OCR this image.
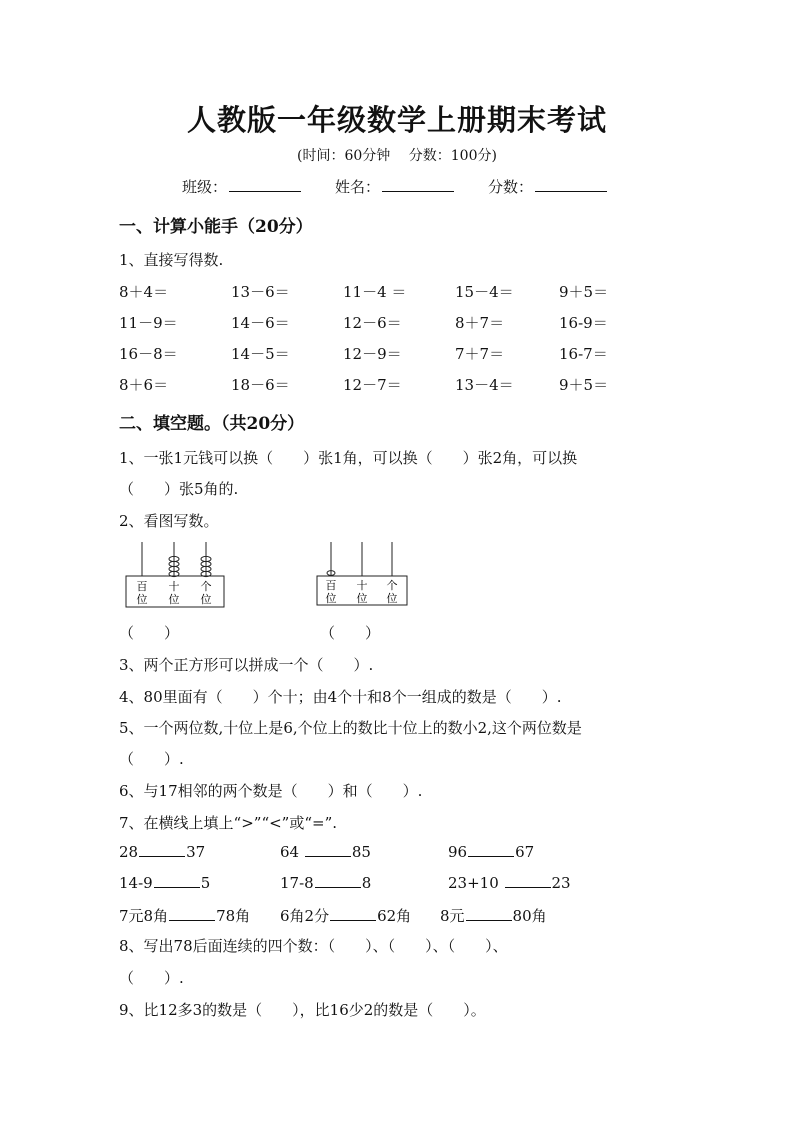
人教版一年级数学上册期末考试
(时间：60分钟　 分数：100分)
班级：	姓名：	分数：
一、计算小能手（20分）
1、直接写得数.
8＋4＝	13－6＝	11－4 ＝	15－4＝	9＋5＝
11－9＝	14－6＝	12－6＝	8＋7＝	16-9＝
16－8＝	14－5＝	12－9＝	7＋7＝	16-7＝
8＋6＝	18－6＝	12－7＝	13－4＝	9＋5＝
二、填空题。（共20分）
1、一张1元钱可以换（　　）张1角，可以换（　　）张2角，可以换
（　　）张5角的.
2、看图写数。
百
位
十
位
个
位
百
位
十
位
个
位
（　　）	（　　）
3、两个正方形可以拼成一个（　　）.
4、80里面有（　　）个十；由4个十和8个一组成的数是（　　）.
5、一个两位数,十位上是6,个位上的数比十位上的数小2,这个两位数是
（　　）.
6、与17相邻的两个数是（　　）和（　　）.
7、在横线上填上“>”“<”或“=”.
28	37	64	85	96	67
14-9	5	17-8	8	23+10	23
7元8角	78角 6角2分	62角 8元	80角
8、写出78后面连续的四个数：（　　）、（　　）、（　　）、
（　　）.
9、比12多3的数是（　　），比16少2的数是（　　）。
